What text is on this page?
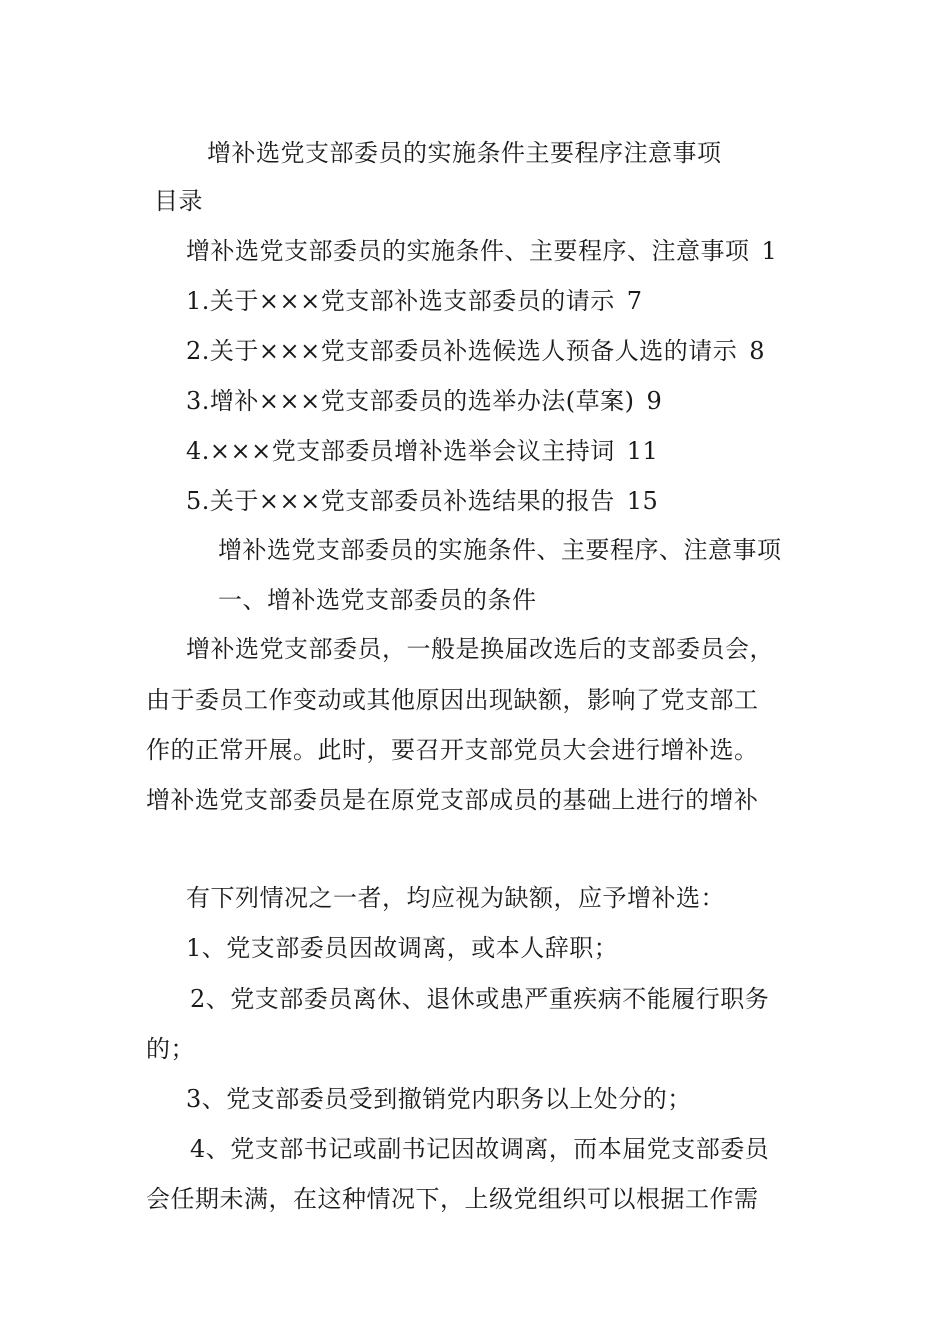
增补选党支部委员的实施条件主要程序注意事项
目录
增补选党支部委员的实施条件、主要程序、注意事项 1
1.关于×××党支部补选支部委员的请示 7
2.关于×××党支部委员补选候选人预备人选的请示 8
3.增补×××党支部委员的选举办法(草案) 9
4.×××党支部委员增补选举会议主持词 11
5.关于×××党支部委员补选结果的报告 15
增补选党支部委员的实施条件、主要程序、注意事项
一、增补选党支部委员的条件
增补选党支部委员，一般是换届改选后的支部委员会，
由于委员工作变动或其他原因出现缺额，影响了党支部工
作的正常开展。此时，要召开支部党员大会进行增补选。
增补选党支部委员是在原党支部成员的基础上进行的增补
有下列情况之一者，均应视为缺额，应予增补选：
1、党支部委员因故调离，或本人辞职；
2、党支部委员离休、退休或患严重疾病不能履行职务
的；
3、党支部委员受到撤销党内职务以上处分的；
4、党支部书记或副书记因故调离，而本届党支部委员
会任期未满，在这种情况下，上级党组织可以根据工作需
